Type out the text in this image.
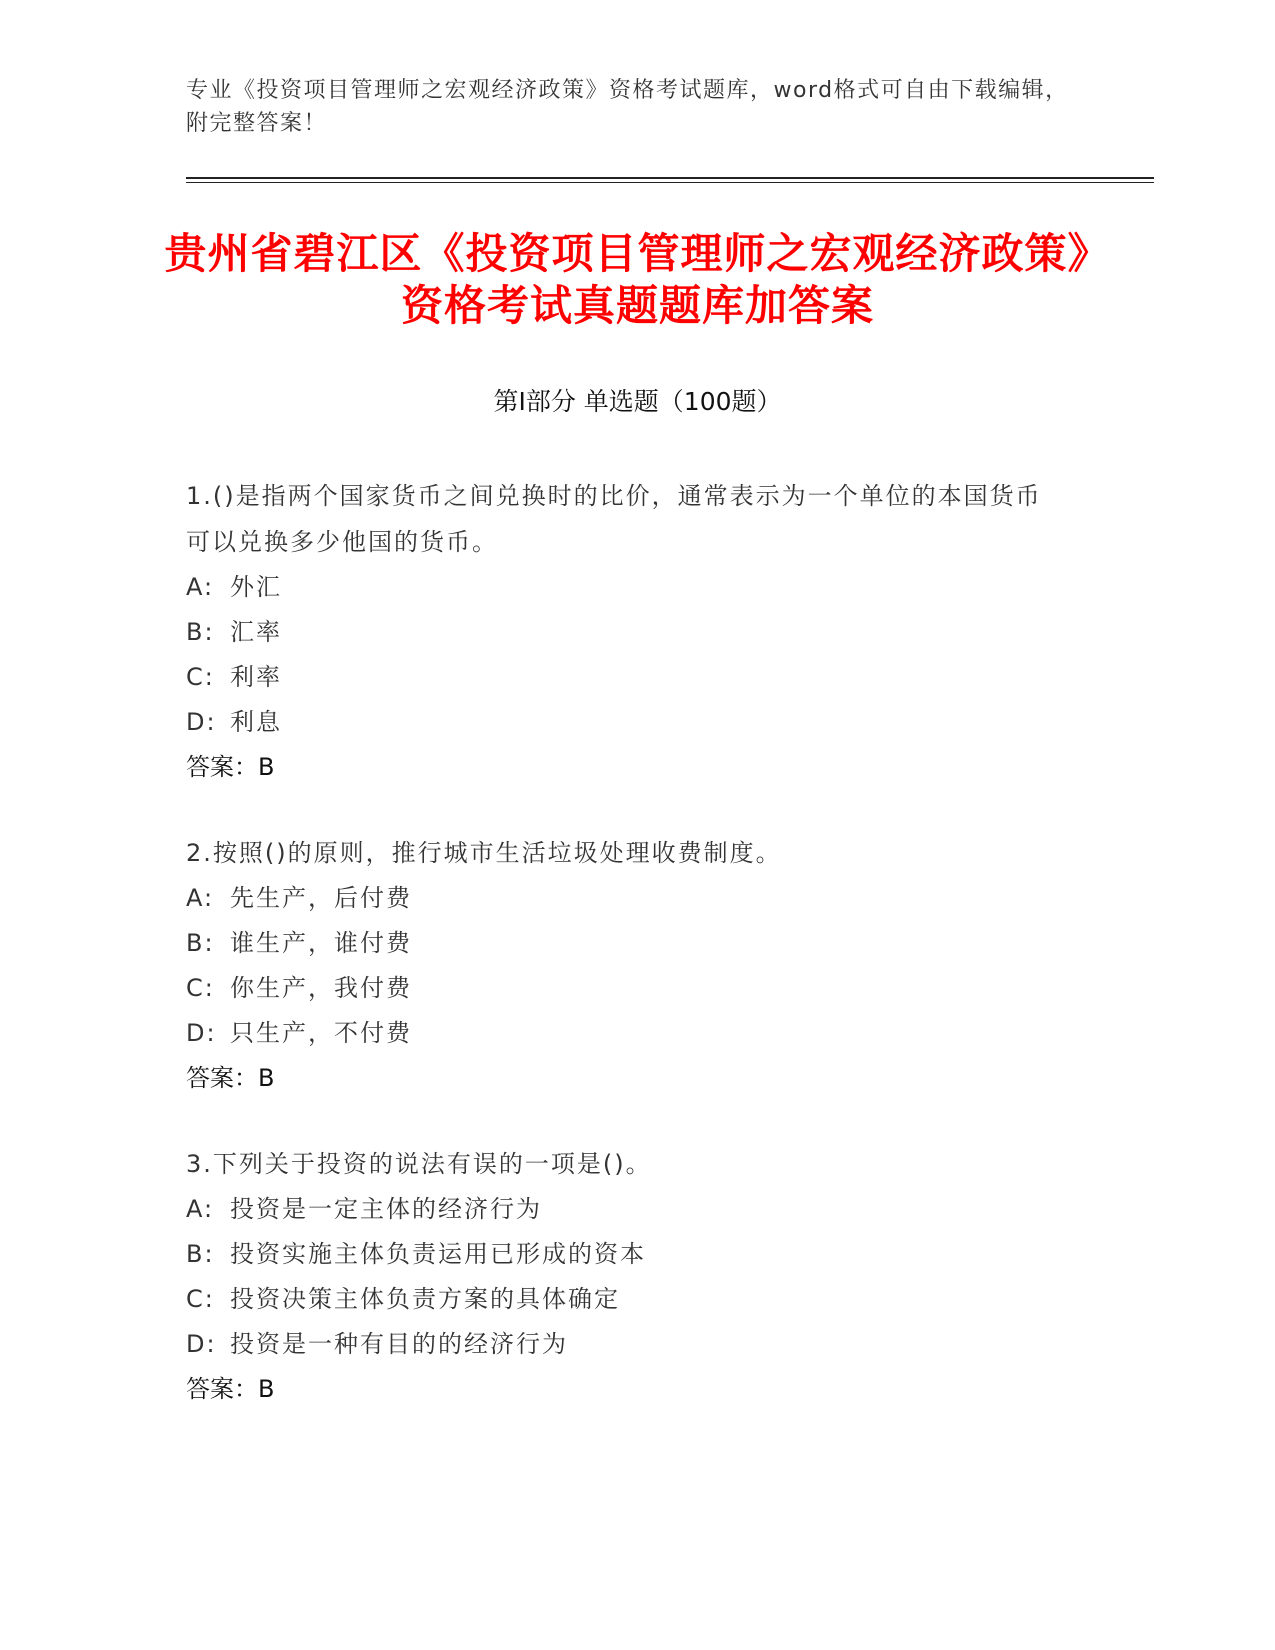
专业《投资项目管理师之宏观经济政策》资格考试题库，word格式可自由下载编辑，附完整答案！
贵州省碧江区《投资项目管理师之宏观经济政策》资格考试真题题库加答案
第Ⅰ部分 单选题（100题）
1.()是指两个国家货币之间兑换时的比价，通常表示为一个单位的本国货币可以兑换多少他国的货币。
A: 外汇
B: 汇率
C: 利率
D: 利息
答案：B
2.按照()的原则，推行城市生活垃圾处理收费制度。
A: 先生产，后付费
B: 谁生产，谁付费
C: 你生产，我付费
D: 只生产，不付费
答案：B
3.下列关于投资的说法有误的一项是()。
A: 投资是一定主体的经济行为
B: 投资实施主体负责运用已形成的资本
C: 投资决策主体负责方案的具体确定
D: 投资是一种有目的的经济行为
答案：B
